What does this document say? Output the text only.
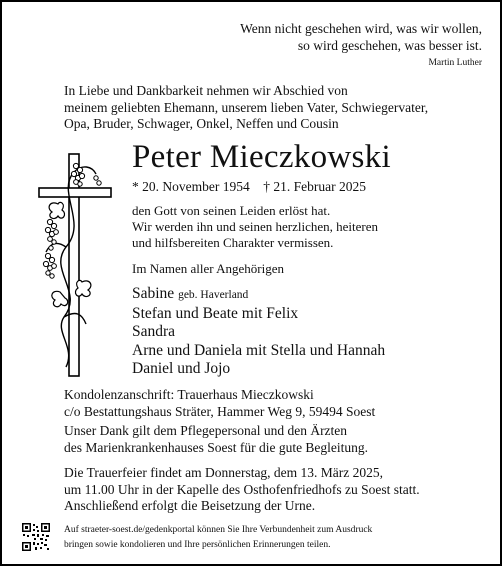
Wenn nicht geschehen wird, was wir wollen,
so wird geschehen, was besser ist.
Martin Luther
In Liebe und Dankbarkeit nehmen wir Abschied von
meinem geliebten Ehemann, unserem lieben Vater, Schwiegervater,
Opa, Bruder, Schwager, Onkel, Neffen und Cousin
Peter Mieczkowski
* 20. November 1954 † 21. Februar 2025
den Gott von seinen Leiden erlöst hat.
Wir werden ihn und seinen herzlichen, heiteren
und hilfsbereiten Charakter vermissen.
Im Namen aller Angehörigen
Sabine geb. Haverland
Stefan und Beate mit Felix
Sandra
Arne und Daniela mit Stella und Hannah
Daniel und Jojo
Kondolenzanschrift: Trauerhaus Mieczkowski
c/o Bestattungshaus Sträter, Hammer Weg 9, 59494 Soest
Unser Dank gilt dem Pflegepersonal und den Ärzten
des Marienkrankenhauses Soest für die gute Begleitung.
Die Trauerfeier findet am Donnerstag, dem 13. März 2025,
um 11.00 Uhr in der Kapelle des Osthofenfriedhofs zu Soest statt.
Anschließend erfolgt die Beisetzung der Urne.
Auf straeter-soest.de/gedenkportal können Sie Ihre Verbundenheit zum Ausdruck
bringen sowie kondolieren und Ihre persönlichen Erinnerungen teilen.
